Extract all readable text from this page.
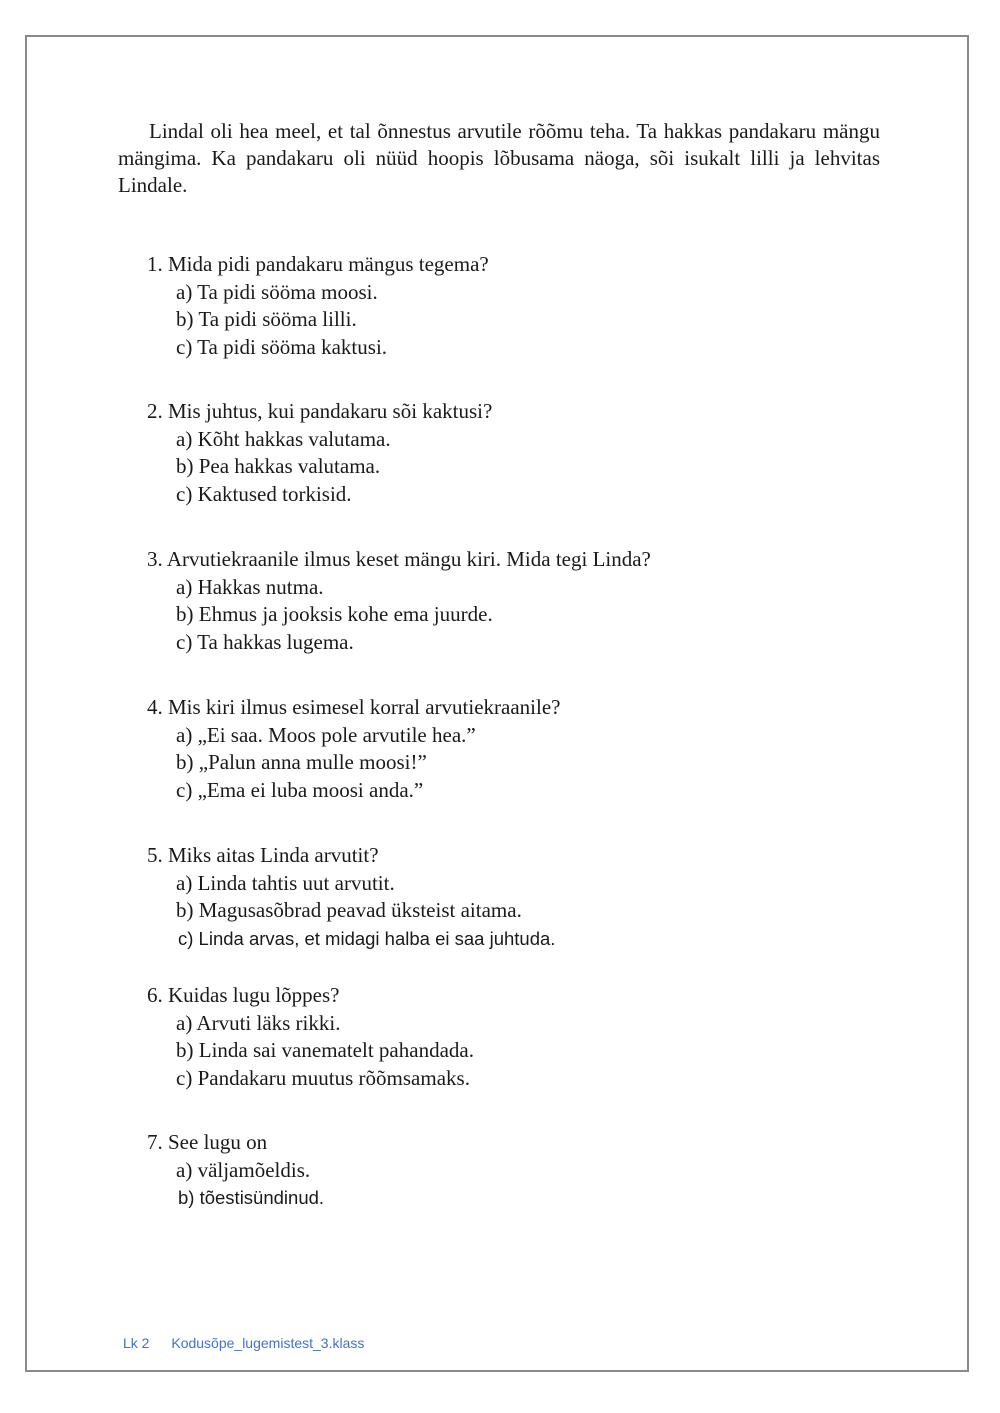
Lindal oli hea meel, et tal õnnestus arvutile rõõmu teha. Ta hakkas pandakaru mängu mängima. Ka pandakaru oli nüüd hoopis lõbusama näoga, sõi isukalt lilli ja lehvitas Lindale.

1. Mida pidi pandakaru mängus tegema?
a) Ta pidi sööma moosi.
b) Ta pidi sööma lilli.
c) Ta pidi sööma kaktusi.
2. Mis juhtus, kui pandakaru sõi kaktusi?
a) Kõht hakkas valutama.
b) Pea hakkas valutama.
c) Kaktused torkisid.
3. Arvutiekraanile ilmus keset mängu kiri. Mida tegi Linda?
a) Hakkas nutma.
b) Ehmus ja jooksis kohe ema juurde.
c) Ta hakkas lugema.
4. Mis kiri ilmus esimesel korral arvutiekraanile?
a) „Ei saa. Moos pole arvutile hea.”
b) „Palun anna mulle moosi!”
c) „Ema ei luba moosi anda.”
5. Miks aitas Linda arvutit?
a) Linda tahtis uut arvutit.
b) Magusasõbrad peavad üksteist aitama.
c) Linda arvas, et midagi halba ei saa juhtuda.
6. Kuidas lugu lõppes?
a) Arvuti läks rikki.
b) Linda sai vanematelt pahandada.
c) Pandakaru muutus rõõmsamaks.
7. See lugu on
a) väljamõeldis.
b) tõestisündinud.
Lk 2 Kodusõpe_lugemistest_3.klass
